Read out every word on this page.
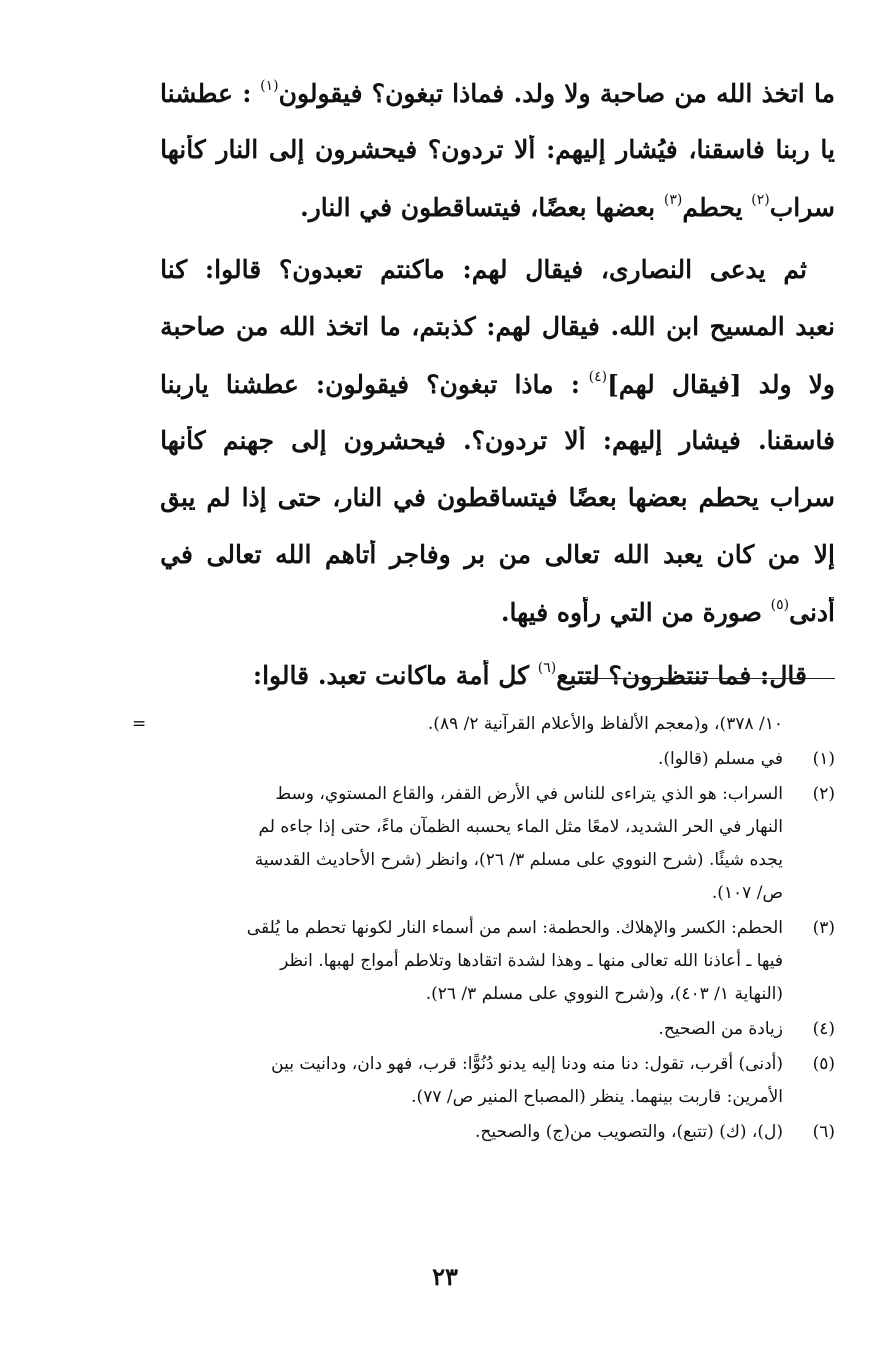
ما
اتخذ
الله
من
صاحبة
ولا
ولد.
فماذا
تبغون؟
فيقولون$^{(١)}$ :
عطشنا
يا
ربنا
فاسقنا،
فيُشار
إليهم:
ألا
تردون؟
فيحشرون
إلى
النار
كأنها
سراب$^{(٢)}$

يحطم$^{(٣)}$

بعضها

بعضًا،

فيتساقطون

في

النار.

ثم
يدعى
النصارى،
فيقال
لهم:
ماكنتم
تعبدون؟
قالوا:
كنا
نعبد
المسيح
ابن
الله.
فيقال
لهم:
كذبتم،
ما
اتخذ
الله
من
صاحبة
ولا
ولد
[فيقال
لهم]$^{(٤)}$ :
ماذا
تبغون؟
فيقولون:
عطشنا
ياربنا
فاسقنا.
فيشار
إليهم:
ألا
تردون؟.
فيحشرون
إلى
جهنم
كأنها
سراب
يحطم
بعضها
بعضًا
فيتساقطون
في
النار،
حتى
إذا
لم
يبق
إلا
من
كان
يعبد
الله
تعالى
من
بر
وفاجر
أتاهم
الله
تعالى
في
أدنى$^{(٥)}$

صورة

من

التي

رأوه

فيها.

قال:

فما

تنتظرون؟

لتتبع$^{(٦)}$

كل

أمة

ماكانت

تعبد.

قالوا:

=	١٠/ ٣٧٨)، و(معجم الألفاظ والأعلام القرآنية ٢/ ٨٩).
(١)
في مسلم (قالوا).
(٢)
السراب: هو الذي يتراءى للناس في الأرض القفر، والقاع المستوي، وسط
النهار في الحر الشديد، لامعًا مثل الماء يحسبه الظمآن ماءً، حتى إذا جاءه لم
يجده شيئًا. (شرح النووي على مسلم ٣/ ٢٦)، وانظر (شرح الأحاديث القدسية
ص/ ١٠٧).
(٣)
الحطم: الكسر والإهلاك. والحطمة: اسم من أسماء النار لكونها تحطم ما يُلقى
فيها ـ أعاذنا الله تعالى منها ـ وهذا لشدة اتقادها وتلاطم أمواج لهبها. انظر
(النهاية ١/ ٤٠٣)، و(شرح النووي على مسلم ٣/ ٢٦).
(٤)
زيادة من الصحيح.
(٥)
(أدنى) أقرب، تقول: دنا منه ودنا إليه يدنو دُنُوًّا: قرب، فهو دان، ودانيت بين
الأمرين: قاربت بينهما. ينظر (المصباح المنير ص/ ٧٧).
(٦)
(ل)، (ك) (تتبع)، والتصويب من(ج) والصحيح.
٢٣
